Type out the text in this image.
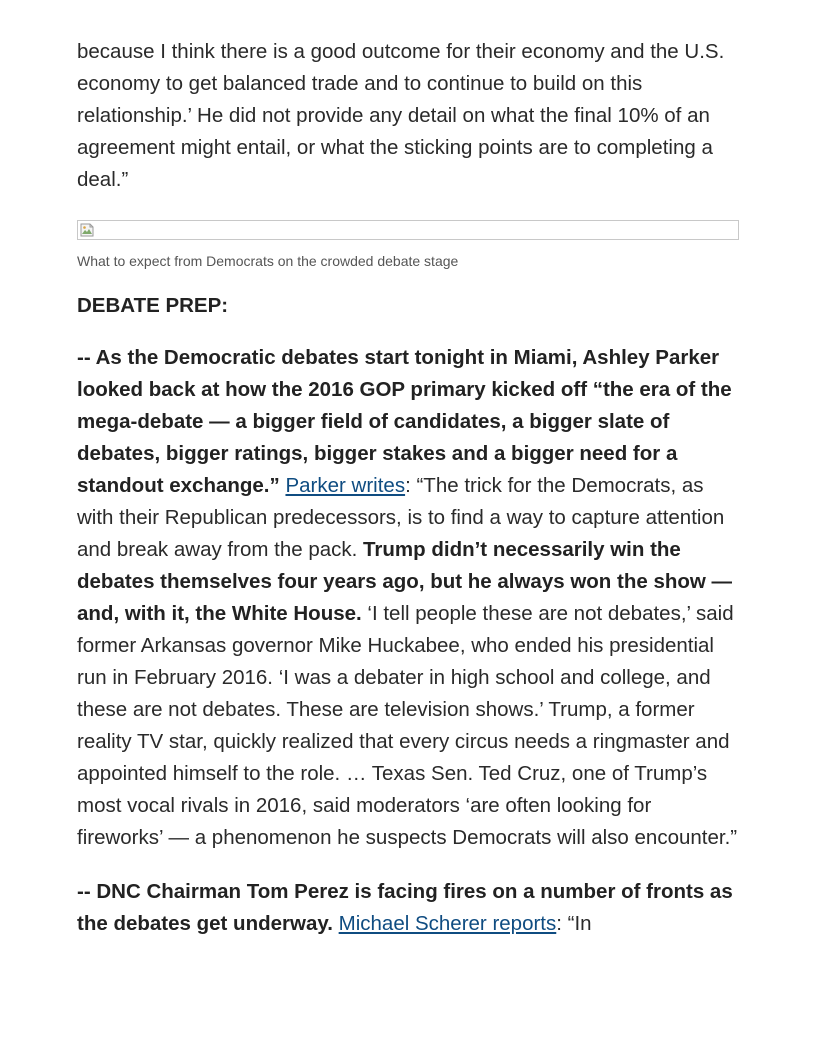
because I think there is a good outcome for their economy and the U.S. economy to get balanced trade and to continue to build on this relationship.’ He did not provide any detail on what the final 10% of an agreement might entail, or what the sticking points are to completing a deal.”

What to expect from Democrats on the crowded debate stage
DEBATE PREP:

-- As the Democratic debates start tonight in Miami, Ashley Parker looked back at how the 2016 GOP primary kicked off “the era of the mega-debate — a bigger field of candidates, a bigger slate of debates, bigger ratings, bigger stakes and a bigger need for a standout exchange.” Parker writes: “The trick for the Democrats, as with their Republican predecessors, is to find a way to capture attention and break away from the pack. Trump didn’t necessarily win the debates themselves four years ago, but he always won the show — and, with it, the White House. ‘I tell people these are not debates,’ said former Arkansas governor Mike Huckabee, who ended his presidential run in February 2016. ‘I was a debater in high school and college, and these are not debates. These are television shows.’ Trump, a former reality TV star, quickly realized that every circus needs a ringmaster and appointed himself to the role. … Texas Sen. Ted Cruz, one of Trump’s most vocal rivals in 2016, said moderators ‘are often looking for fireworks’ — a phenomenon he suspects Democrats will also encounter.”

-- DNC Chairman Tom Perez is facing fires on a number of fronts as the debates get underway. Michael Scherer reports: “In
